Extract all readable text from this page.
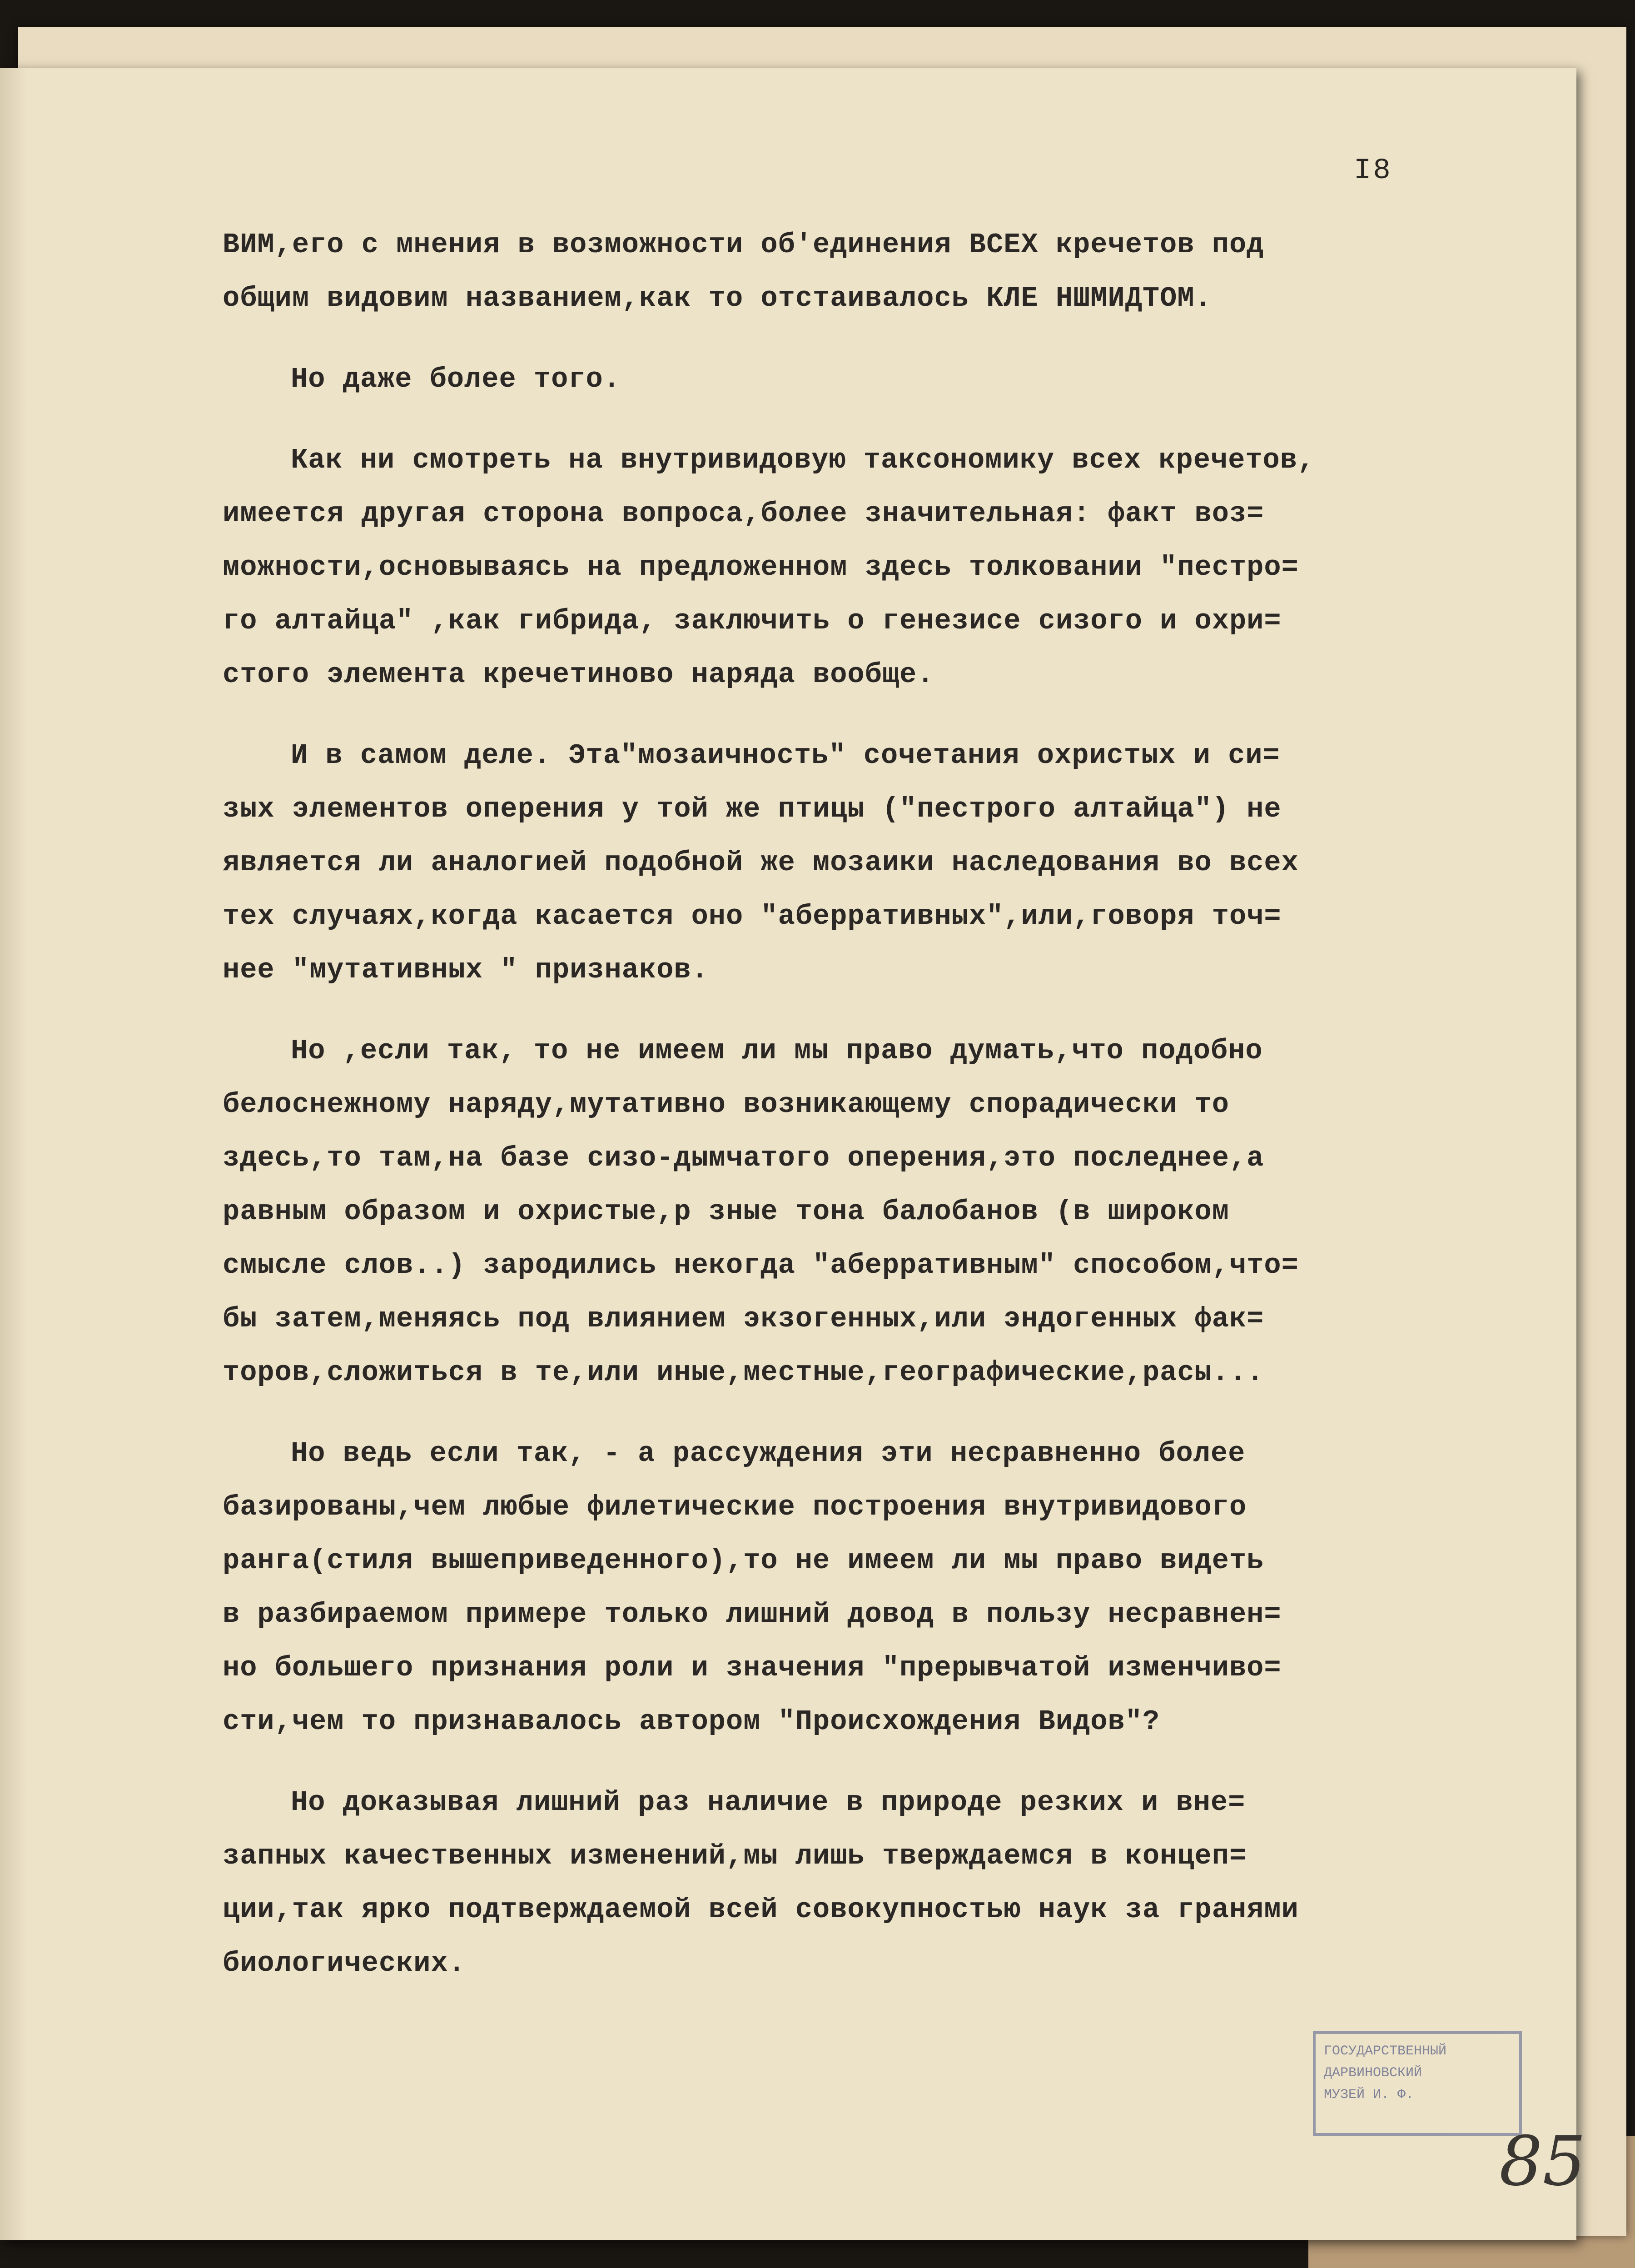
I8
ВИМ,его с мнения в возможности об'единения ВСЕХ кречетов под
общим видовим названием,как то отстаивалось КЛЕ НШМИДТОМ.
Но даже более того.
Как ни смотреть на внутривидовую таксономику всех кречетов,
имеется другая сторона вопроса,более значительная: факт воз=
можности,основываясь на предложенном здесь толковании "пестро=
го алтайца" ,как гибрида, заключить о генезисе сизого и охри=
стого элемента кречетиново наряда вообще.
И в самом деле. Эта"мозаичность" сочетания охристых и си=
зых элементов оперения у той же птицы ("пестрого алтайца") не
является ли аналогией подобной же мозаики наследования во всех
тех случаях,когда касается оно "аберративных",или,говоря точ=
нее "мутативных " признаков.
Но ,если так, то не имеем ли мы право думать,что подобно
белоснежному наряду,мутативно возникающему спорадически то
здесь,то там,на базе сизо-дымчатого оперения,это последнее,а
равным образом и охристые,р зные тона балобанов (в широком
смысле слов..) зародились некогда "аберративным" способом,что=
бы затем,меняясь под влиянием экзогенных,или эндогенных фак=
торов,сложиться в те,или иные,местные,географические,расы...
Но ведь если так, - а рассуждения эти несравненно более
базированы,чем любые филетические построения внутривидового
ранга(стиля вышеприведенного),то не имеем ли мы право видеть
в разбираемом примере только лишний довод в пользу несравнен=
но большего признания роли и значения "прерывчатой изменчиво=
сти,чем то признавалось автором "Происхождения Видов"?
Но доказывая лишний раз наличие в природе резких и вне=
запных качественных изменений,мы лишь тверждаемся в концеп=
ции,так ярко подтверждаемой всей совокупностью наук за гранями
биологических.
ГОСУДАРСТВЕННЫЙ
ДАРВИНОВСКИЙ
МУЗЕЙ И. Ф.
85
